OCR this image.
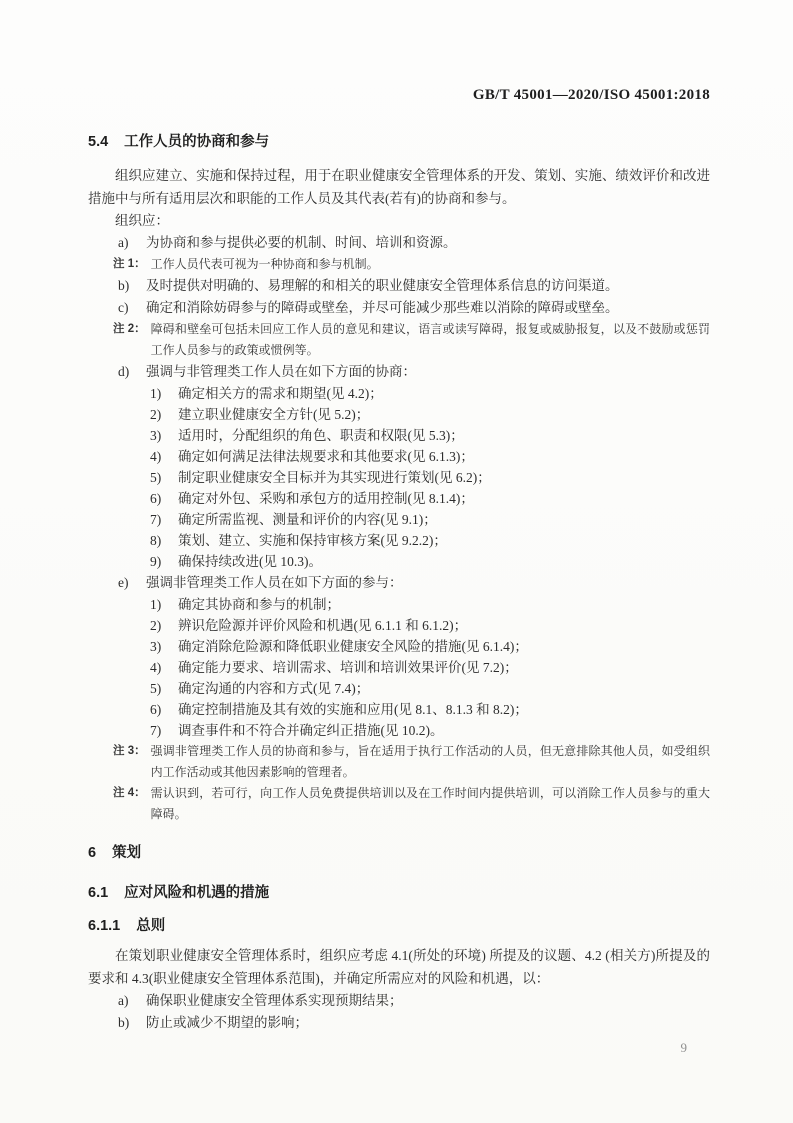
GB/T 45001—2020/ISO 45001:2018
5.4 工作人员的协商和参与

组织应建立、实施和保持过程，用于在职业健康安全管理体系的开发、策划、实施、绩效评价和改进措施中与所有适用层次和职能的工作人员及其代表(若有)的协商和参与。

组织应：

a)	为协商和参与提供必要的机制、时间、培训和资源。
注 1： 工作人员代表可视为一种协商和参与机制。
b)	及时提供对明确的、易理解的和相关的职业健康安全管理体系信息的访问渠道。
c)	确定和消除妨碍参与的障碍或壁垒，并尽可能减少那些难以消除的障碍或壁垒。
注 2： 障碍和壁垒可包括未回应工作人员的意见和建议，语言或读写障碍，报复或威胁报复，以及不鼓励或惩罚工作人员参与的政策或惯例等。
d)	强调与非管理类工作人员在如下方面的协商：
1)	确定相关方的需求和期望(见 4.2)；
2)	建立职业健康安全方针(见 5.2)；
3)	适用时，分配组织的角色、职责和权限(见 5.3)；
4)	确定如何满足法律法规要求和其他要求(见 6.1.3)；
5)	制定职业健康安全目标并为其实现进行策划(见 6.2)；
6)	确定对外包、采购和承包方的适用控制(见 8.1.4)；
7)	确定所需监视、测量和评价的内容(见 9.1)；
8)	策划、建立、实施和保持审核方案(见 9.2.2)；
9)	确保持续改进(见 10.3)。
e)	强调非管理类工作人员在如下方面的参与：
1)	确定其协商和参与的机制；
2)	辨识危险源并评价风险和机遇(见 6.1.1 和 6.1.2)；
3)	确定消除危险源和降低职业健康安全风险的措施(见 6.1.4)；
4)	确定能力要求、培训需求、培训和培训效果评价(见 7.2)；
5)	确定沟通的内容和方式(见 7.4)；
6)	确定控制措施及其有效的实施和应用(见 8.1、8.1.3 和 8.2)；
7)	调查事件和不符合并确定纠正措施(见 10.2)。
注 3： 强调非管理类工作人员的协商和参与，旨在适用于执行工作活动的人员，但无意排除其他人员，如受组织内工作活动或其他因素影响的管理者。
注 4： 需认识到，若可行，向工作人员免费提供培训以及在工作时间内提供培训，可以消除工作人员参与的重大障碍。
6 策划
6.1 应对风险和机遇的措施
6.1.1 总则

在策划职业健康安全管理体系时，组织应考虑 4.1(所处的环境) 所提及的议题、4.2 (相关方)所提及的要求和 4.3(职业健康安全管理体系范围)，并确定所需应对的风险和机遇，以：

a)	确保职业健康安全管理体系实现预期结果；
b)	防止或减少不期望的影响；
9
